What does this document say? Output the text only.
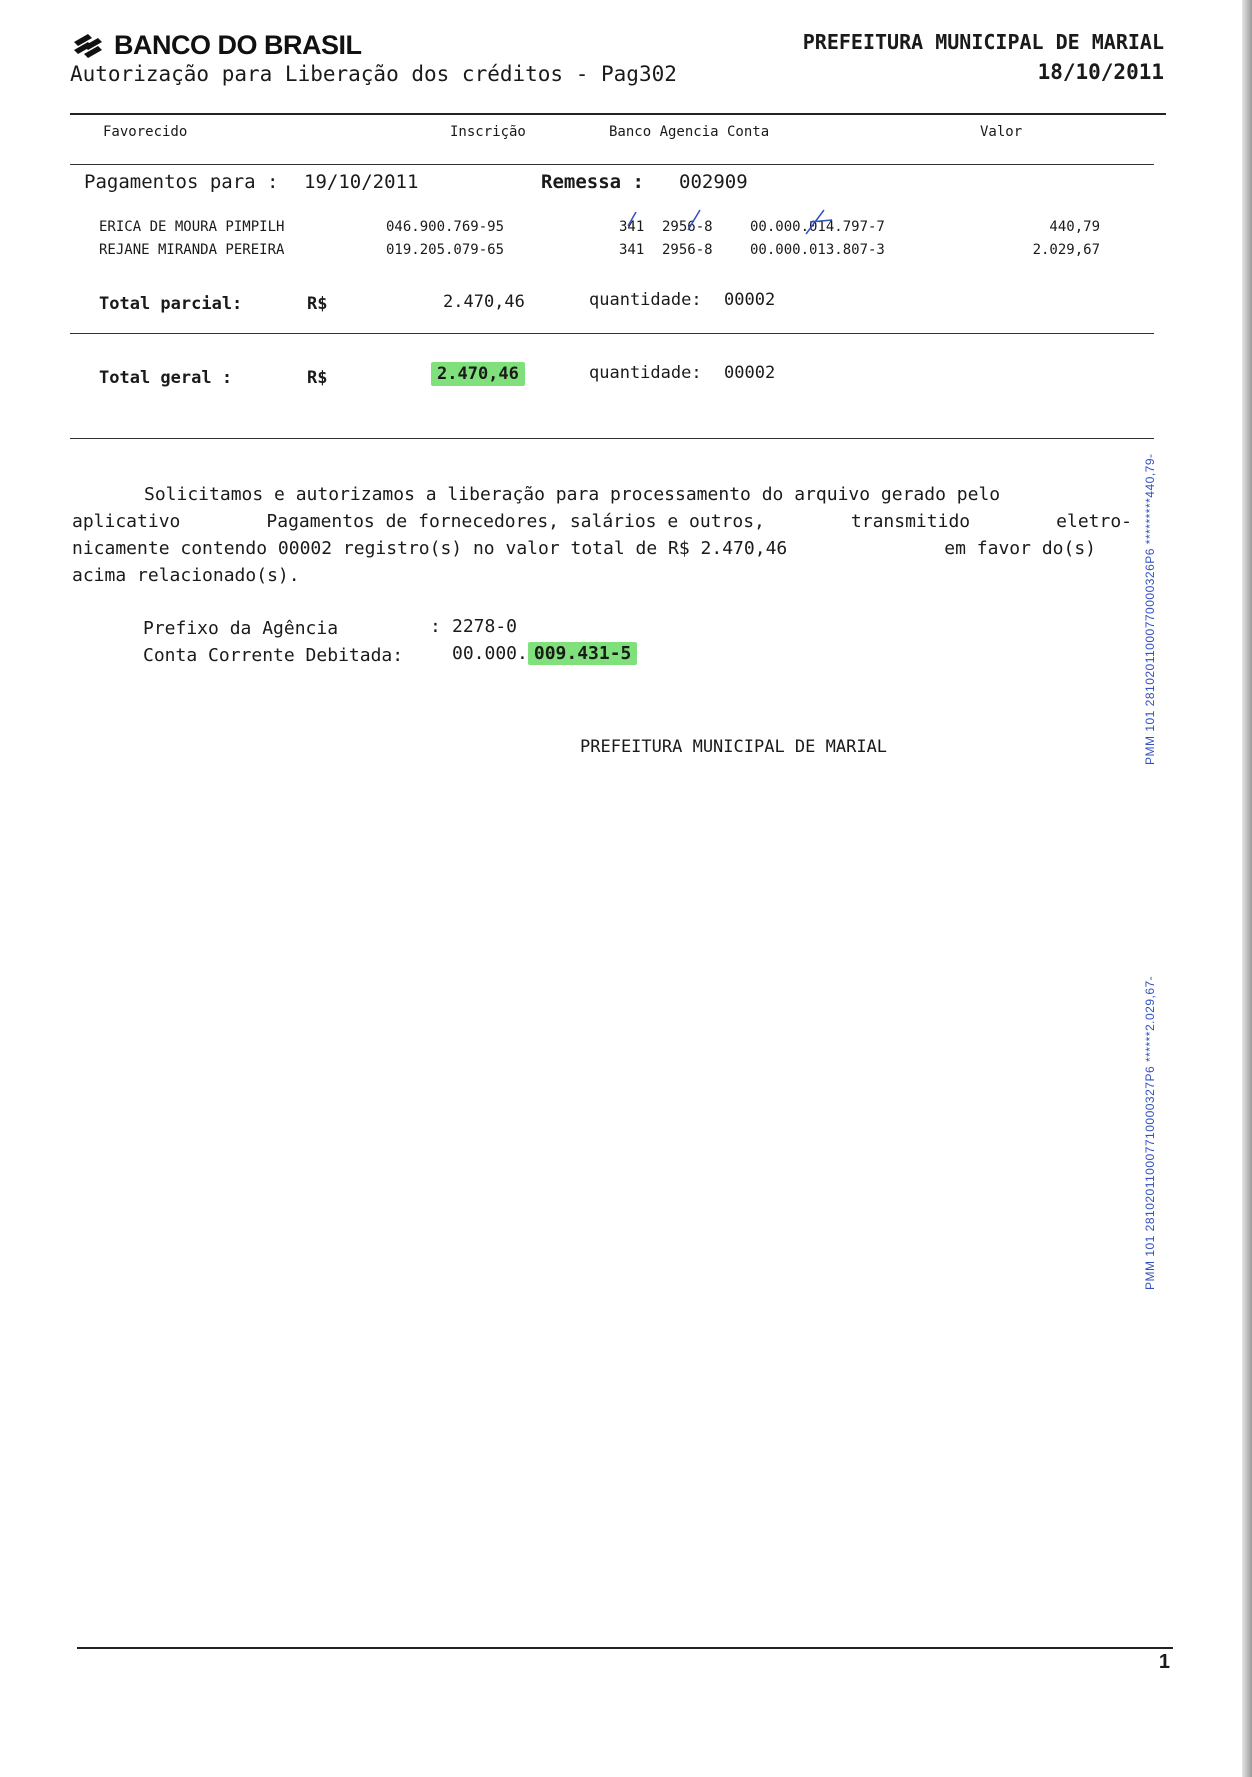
BANCO DO BRASIL
Autorização para Liberação dos créditos - Pag302
PREFEITURA MUNICIPAL DE MARIAL
18/10/2011
Favorecido	Inscrição	Banco Agencia Conta	Valor
Pagamentos para : 19/10/2011	Remessa : 002909
ERICA DE MOURA PIMPILH	046.900.769-95	341 2956-8	00.000.014.797-7	440,79
REJANE MIRANDA PEREIRA	019.205.079-65	341 2956-8	00.000.013.807-3	2.029,67
Total parcial:	R$	2.470,46	quantidade: 00002
Total geral :	R$	2.470,46	quantidade: 00002

Solicitamos e autorizamos a liberação para processamento do arquivo gerado pelo

aplicativo	Pagamentos de fornecedores, salários e outros,	transmitido	eletro-

nicamente contendo 00002 registro(s) no valor total de R$ 2.470,46	em favor do(s)

acima relacionado(s).

Prefixo da Agência	: 2278-0
Conta Corrente Debitada:	00.000. 009.431-5
PREFEITURA MUNICIPAL DE MARIAL	PMM 101 28102011000770000326P6 *********440,79-
PMM 101 281020110007710000327P6 ******2.029,67-
1
